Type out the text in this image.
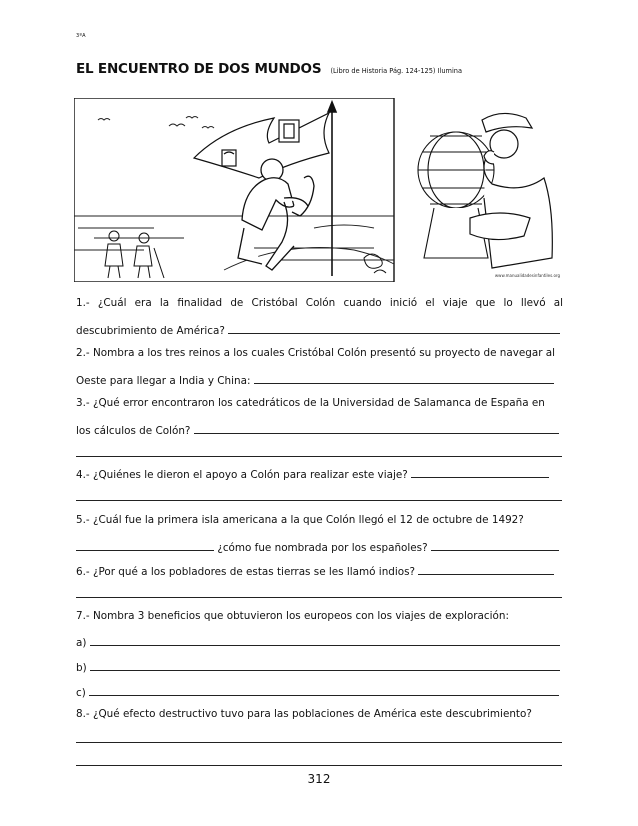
3ºA
EL ENCUENTRO DE DOS MUNDOS (Libro de Historia Pág. 124-125) Ilumina
www.manualidadesinfantiles.org
1.- ¿Cuál era la finalidad de Cristóbal Colón cuando inició el viaje que lo llevó al
descubrimiento de América?
2.- Nombra a los tres reinos a los cuales Cristóbal Colón presentó su proyecto de navegar al
Oeste para llegar a India y China:
3.- ¿Qué error encontraron los catedráticos de la Universidad de Salamanca de España en
los cálculos de Colón?
4.- ¿Quiénes le dieron el apoyo a Colón para realizar este viaje?
5.- ¿Cuál fue la primera isla americana a la que Colón llegó el 12 de octubre de 1492?
¿cómo fue nombrada por los españoles?
6.- ¿Por qué a los pobladores de estas tierras se les llamó indios?
7.- Nombra 3 beneficios que obtuvieron los europeos con los viajes de exploración:
a)
b)
c)
8.- ¿Qué efecto destructivo tuvo para las poblaciones de América este descubrimiento?
312
